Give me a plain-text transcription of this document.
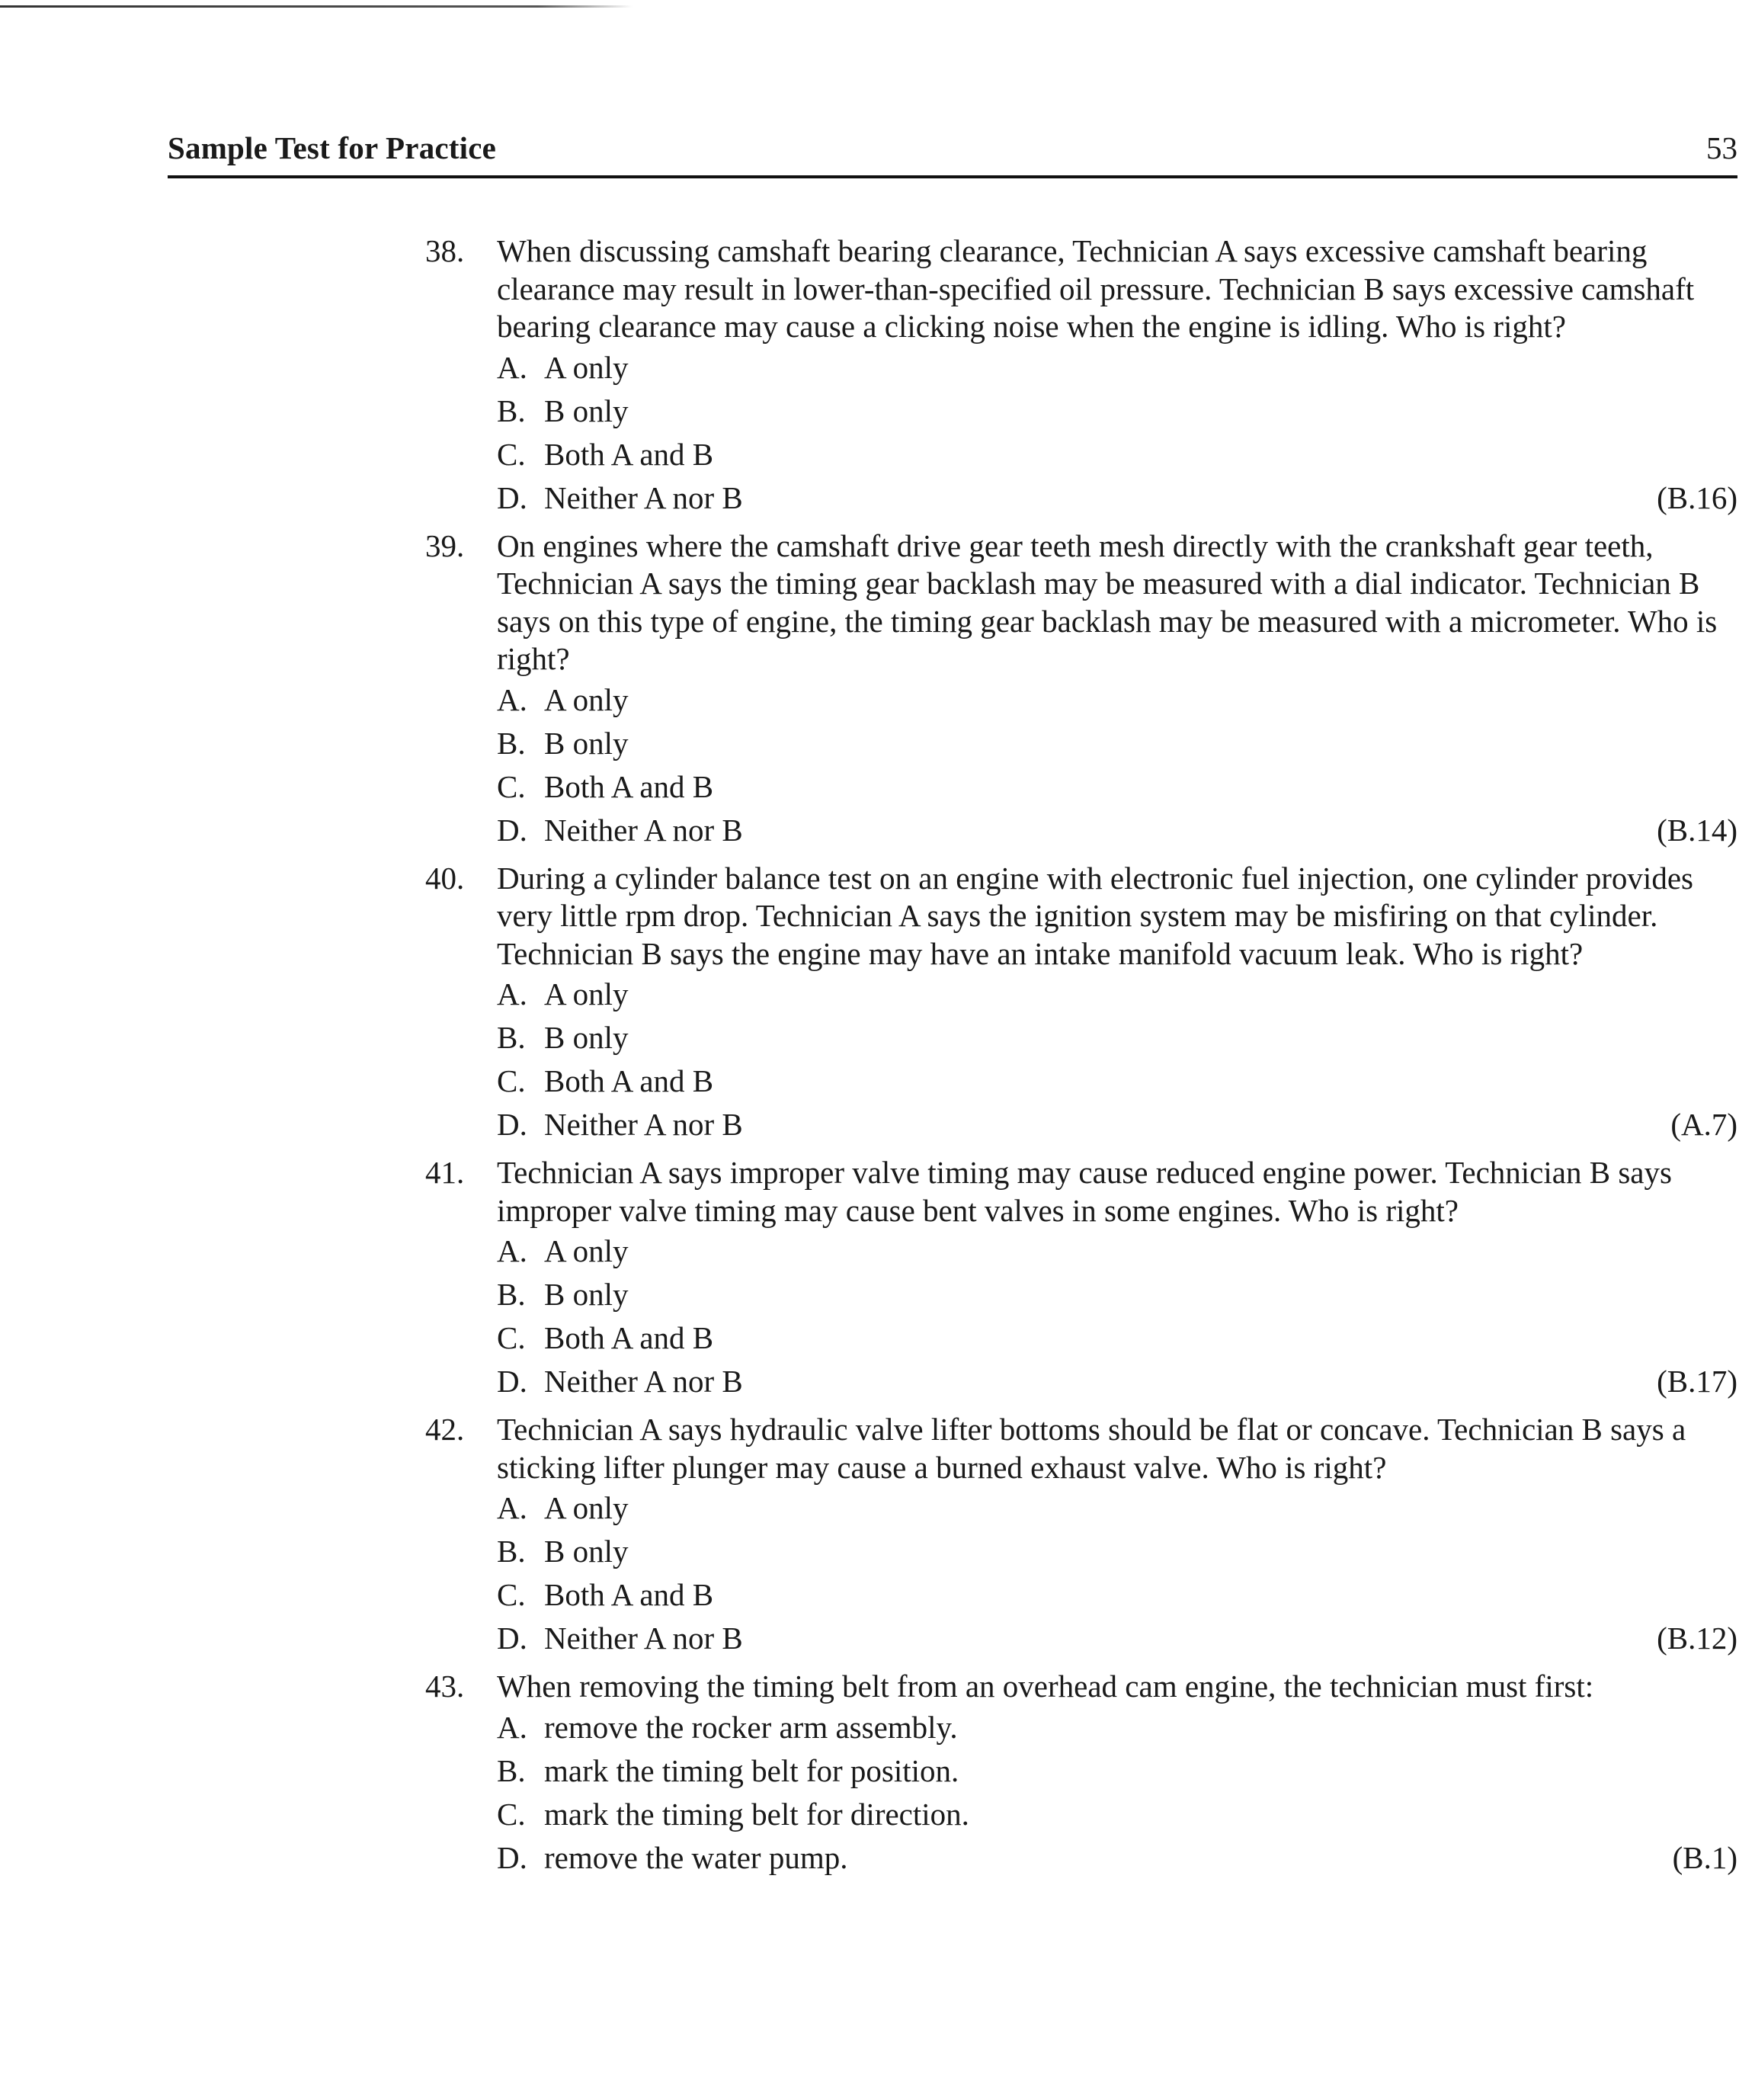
Sample Test for Practice	53
38. When discussing camshaft bearing clearance, Technician A says excessive camshaft bearing clearance may result in lower-than-specified oil pressure. Technician B says excessive camshaft bearing clearance may cause a clicking noise when the engine is idling. Who is right?
A. A only
B. B only
C. Both A and B
D. Neither A nor B	(B.16)
39. On engines where the camshaft drive gear teeth mesh directly with the crankshaft gear teeth, Technician A says the timing gear backlash may be measured with a dial indicator. Technician B says on this type of engine, the timing gear backlash may be measured with a micrometer. Who is right?
A. A only
B. B only
C. Both A and B
D. Neither A nor B	(B.14)
40. During a cylinder balance test on an engine with electronic fuel injection, one cylinder provides very little rpm drop. Technician A says the ignition system may be misfiring on that cylinder. Technician B says the engine may have an intake manifold vacuum leak. Who is right?
A. A only
B. B only
C. Both A and B
D. Neither A nor B	(A.7)
41. Technician A says improper valve timing may cause reduced engine power. Technician B says improper valve timing may cause bent valves in some engines. Who is right?
A. A only
B. B only
C. Both A and B
D. Neither A nor B	(B.17)
42. Technician A says hydraulic valve lifter bottoms should be flat or concave. Technician B says a sticking lifter plunger may cause a burned exhaust valve. Who is right?
A. A only
B. B only
C. Both A and B
D. Neither A nor B	(B.12)
43. When removing the timing belt from an overhead cam engine, the technician must first:
A. remove the rocker arm assembly.
B. mark the timing belt for position.
C. mark the timing belt for direction.
D. remove the water pump.	(B.1)
